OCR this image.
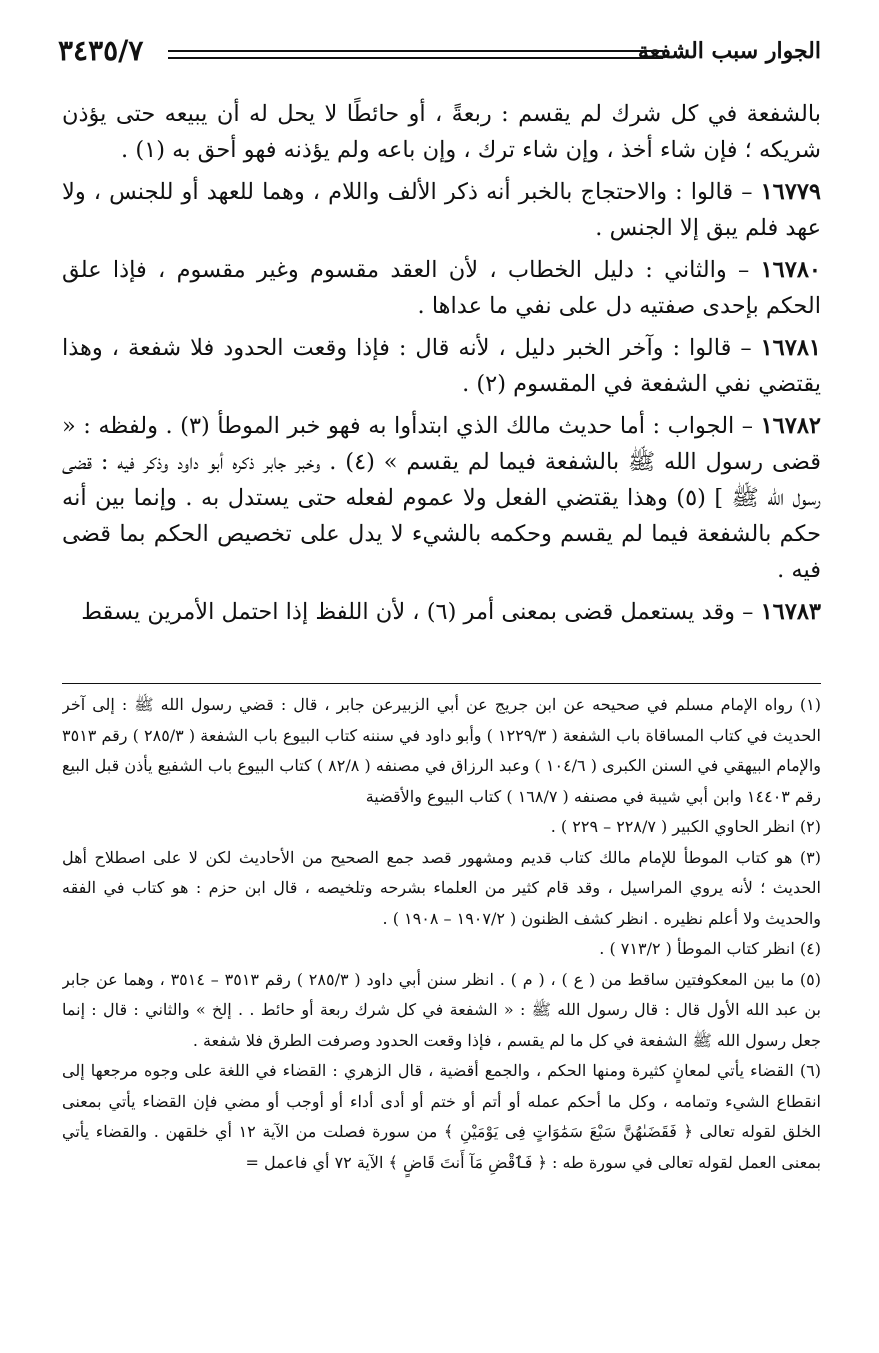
الجوار سبب الشفعة
٣٤٣٥/٧

بالشفعة في كل شرك لم يقسم : ربعةً ، أو حائطًا لا يحل له أن يبيعه حتى يؤذن شريكه ؛ فإن شاء أخذ ، وإن شاء ترك ، وإن باعه ولم يؤذنه فهو أحق به (١) .

١٦٧٧٩ – قالوا : والاحتجاج بالخبر أنه ذكر الألف واللام ، وهما للعهد أو للجنس ، ولا عهد فلم يبق إلا الجنس .

١٦٧٨٠ – والثاني : دليل الخطاب ، لأن العقد مقسوم وغير مقسوم ، فإذا علق الحكم بإحدى صفتيه دل على نفي ما عداها .

١٦٧٨١ – قالوا : وآخر الخبر دليل ، لأنه قال : فإذا وقعت الحدود فلا شفعة ، وهذا يقتضي نفي الشفعة في المقسوم (٢) .

١٦٧٨٢ – الجواب : أما حديث مالك الذي ابتدأوا به فهو خبر الموطأ (٣) . ولفظه : « قضى رسول الله ﷺ بالشفعة فيما لم يقسم » (٤) . وخبر جابر ذكره أبو داود وذكر فيه : قضى رسول الله ﷺ ] (٥) وهذا يقتضي الفعل ولا عموم لفعله حتى يستدل به . وإنما بين أنه حكم بالشفعة فيما لم يقسم وحكمه بالشيء لا يدل على تخصيص الحكم بما قضى فيه .

١٦٧٨٣ – وقد يستعمل قضى بمعنى أمر (٦) ، لأن اللفظ إذا احتمل الأمرين يسقط

(١) رواه الإمام مسلم في صحيحه عن ابن جريج عن أبي الزبيرعن جابر ، قال : قضي رسول الله ﷺ : إلى آخر الحديث في كتاب المساقاة باب الشفعة ( ١٢٢٩/٣ ) وأبو داود في سننه كتاب البيوع باب الشفعة ( ٢٨٥/٣ ) رقم ٣٥١٣ والإمام البيهقي في السنن الكبرى ( ١٠٤/٦ ) وعبد الرزاق في مصنفه ( ٨٢/٨ ) كتاب البيوع باب الشفيع يأذن قبل البيع رقم ١٤٤٠٣ وابن أبي شيبة في مصنفه ( ١٦٨/٧ ) كتاب البيوع والأقضية

(٢) انظر الحاوي الكبير ( ٢٢٨/٧ – ٢٢٩ ) .

(٣) هو كتاب الموطأ للإمام مالك كتاب قديم ومشهور قصد جمع الصحيح من الأحاديث لكن لا على اصطلاح أهل الحديث ؛ لأنه يروي المراسيل ، وقد قام كثير من العلماء بشرحه وتلخيصه ، قال ابن حزم : هو كتاب في الفقه والحديث ولا أعلم نظيره . انظر كشف الظنون ( ١٩٠٧/٢ – ١٩٠٨ ) .

(٤) انظر كتاب الموطأ ( ٧١٣/٢ ) .

(٥) ما بين المعكوفتين ساقط من ( ع ) ، ( م ) . انظر سنن أبي داود ( ٢٨٥/٣ ) رقم ٣٥١٣ – ٣٥١٤ ، وهما عن جابر بن عبد الله الأول قال : قال رسول الله ﷺ : « الشفعة في كل شرك ربعة أو حائط . . إلخ » والثاني : قال : إنما جعل رسول الله ﷺ الشفعة في كل ما لم يقسم ، فإذا وقعت الحدود وصرفت الطرق فلا شفعة .

(٦) القضاء يأتي لمعانٍ كثيرة ومنها الحكم ، والجمع أقضية ، قال الزهري : القضاء في اللغة على وجوه مرجعها إلى انقطاع الشيء وتمامه ، وكل ما أحكم عمله أو أتم أو ختم أو أدى أداء أو أوجب أو مضي فإن القضاء يأتي بمعنى الخلق لقوله تعالى ﴿ فَقَضَىٰهُنَّ سَبْعَ سَمَٰوَاتٍ فِى يَوْمَيْنِ ﴾ من سورة فصلت من الآية ١٢ أي خلقهن . والقضاء يأتي بمعنى العمل لقوله تعالى في سورة طه : ﴿ فَٱقْضِ مَآ أَنتَ قَاضٍ ﴾ الآية ٧٢ أي فاعمل =
